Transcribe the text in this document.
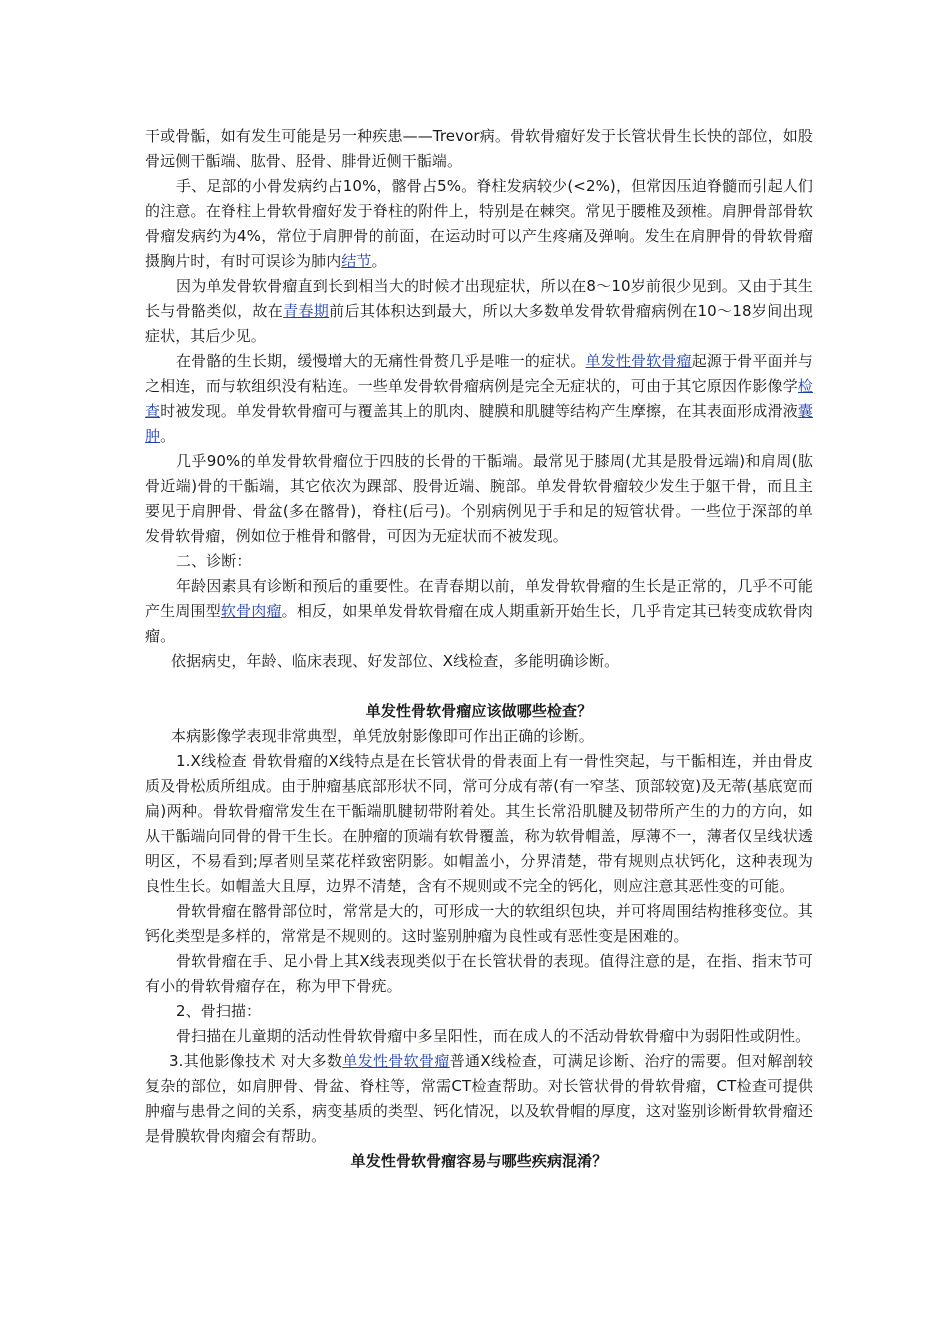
干或骨骺，如有发生可能是另一种疾患——Trevor病。骨软骨瘤好发于长管状骨生长快的部位，如股骨远侧干骺端、肱骨、胫骨、腓骨近侧干骺端。

手、足部的小骨发病约占10%，髂骨占5%。脊柱发病较少(<2%)，但常因压迫脊髓而引起人们的注意。在脊柱上骨软骨瘤好发于脊柱的附件上，特别是在棘突。常见于腰椎及颈椎。肩胛骨部骨软骨瘤发病约为4%，常位于肩胛骨的前面，在运动时可以产生疼痛及弹响。发生在肩胛骨的骨软骨瘤摄胸片时，有时可误诊为肺内结节。

因为单发骨软骨瘤直到长到相当大的时候才出现症状，所以在8～10岁前很少见到。又由于其生长与骨骼类似，故在青春期前后其体积达到最大，所以大多数单发骨软骨瘤病例在10～18岁间出现症状，其后少见。

在骨骼的生长期，缓慢增大的无痛性骨赘几乎是唯一的症状。单发性骨软骨瘤起源于骨平面并与之相连，而与软组织没有粘连。一些单发骨软骨瘤病例是完全无症状的，可由于其它原因作影像学检查时被发现。单发骨软骨瘤可与覆盖其上的肌肉、腱膜和肌腱等结构产生摩擦，在其表面形成滑液囊肿。

几乎90%的单发骨软骨瘤位于四肢的长骨的干骺端。最常见于膝周(尤其是股骨远端)和肩周(肱骨近端)骨的干骺端，其它依次为踝部、股骨近端、腕部。单发骨软骨瘤较少发生于躯干骨，而且主要见于肩胛骨、骨盆(多在髂骨)，脊柱(后弓)。个别病例见于手和足的短管状骨。一些位于深部的单发骨软骨瘤，例如位于椎骨和髂骨，可因为无症状而不被发现。

二、诊断：

年龄因素具有诊断和预后的重要性。在青春期以前，单发骨软骨瘤的生长是正常的，几乎不可能产生周围型软骨肉瘤。相反，如果单发骨软骨瘤在成人期重新开始生长，几乎肯定其已转变成软骨肉瘤。

依据病史，年龄、临床表现、好发部位、X线检查，多能明确诊断。

单发性骨软骨瘤应该做哪些检查？

本病影像学表现非常典型，单凭放射影像即可作出正确的诊断。

1.X线检查 骨软骨瘤的X线特点是在长管状骨的骨表面上有一骨性突起，与干骺相连，并由骨皮质及骨松质所组成。由于肿瘤基底部形状不同，常可分成有蒂(有一窄茎、顶部较宽)及无蒂(基底宽而扁)两种。骨软骨瘤常发生在干骺端肌腱韧带附着处。其生长常沿肌腱及韧带所产生的力的方向，如从干骺端向同骨的骨干生长。在肿瘤的顶端有软骨覆盖，称为软骨帽盖，厚薄不一，薄者仅呈线状透明区，不易看到;厚者则呈菜花样致密阴影。如帽盖小，分界清楚，带有规则点状钙化，这种表现为良性生长。如帽盖大且厚，边界不清楚，含有不规则或不完全的钙化，则应注意其恶性变的可能。

骨软骨瘤在髂骨部位时，常常是大的，可形成一大的软组织包块，并可将周围结构推移变位。其钙化类型是多样的，常常是不规则的。这时鉴别肿瘤为良性或有恶性变是困难的。

骨软骨瘤在手、足小骨上其X线表现类似于在长管状骨的表现。值得注意的是，在指、指末节可有小的骨软骨瘤存在，称为甲下骨疣。

2、骨扫描：

骨扫描在儿童期的活动性骨软骨瘤中多呈阳性，而在成人的不活动骨软骨瘤中为弱阳性或阴性。

3.其他影像技术 对大多数单发性骨软骨瘤普通X线检查，可满足诊断、治疗的需要。但对解剖较复杂的部位，如肩胛骨、骨盆、脊柱等，常需CT检查帮助。对长管状骨的骨软骨瘤，CT检查可提供肿瘤与患骨之间的关系，病变基质的类型、钙化情况，以及软骨帽的厚度，这对鉴别诊断骨软骨瘤还是骨膜软骨肉瘤会有帮助。

单发性骨软骨瘤容易与哪些疾病混淆？
